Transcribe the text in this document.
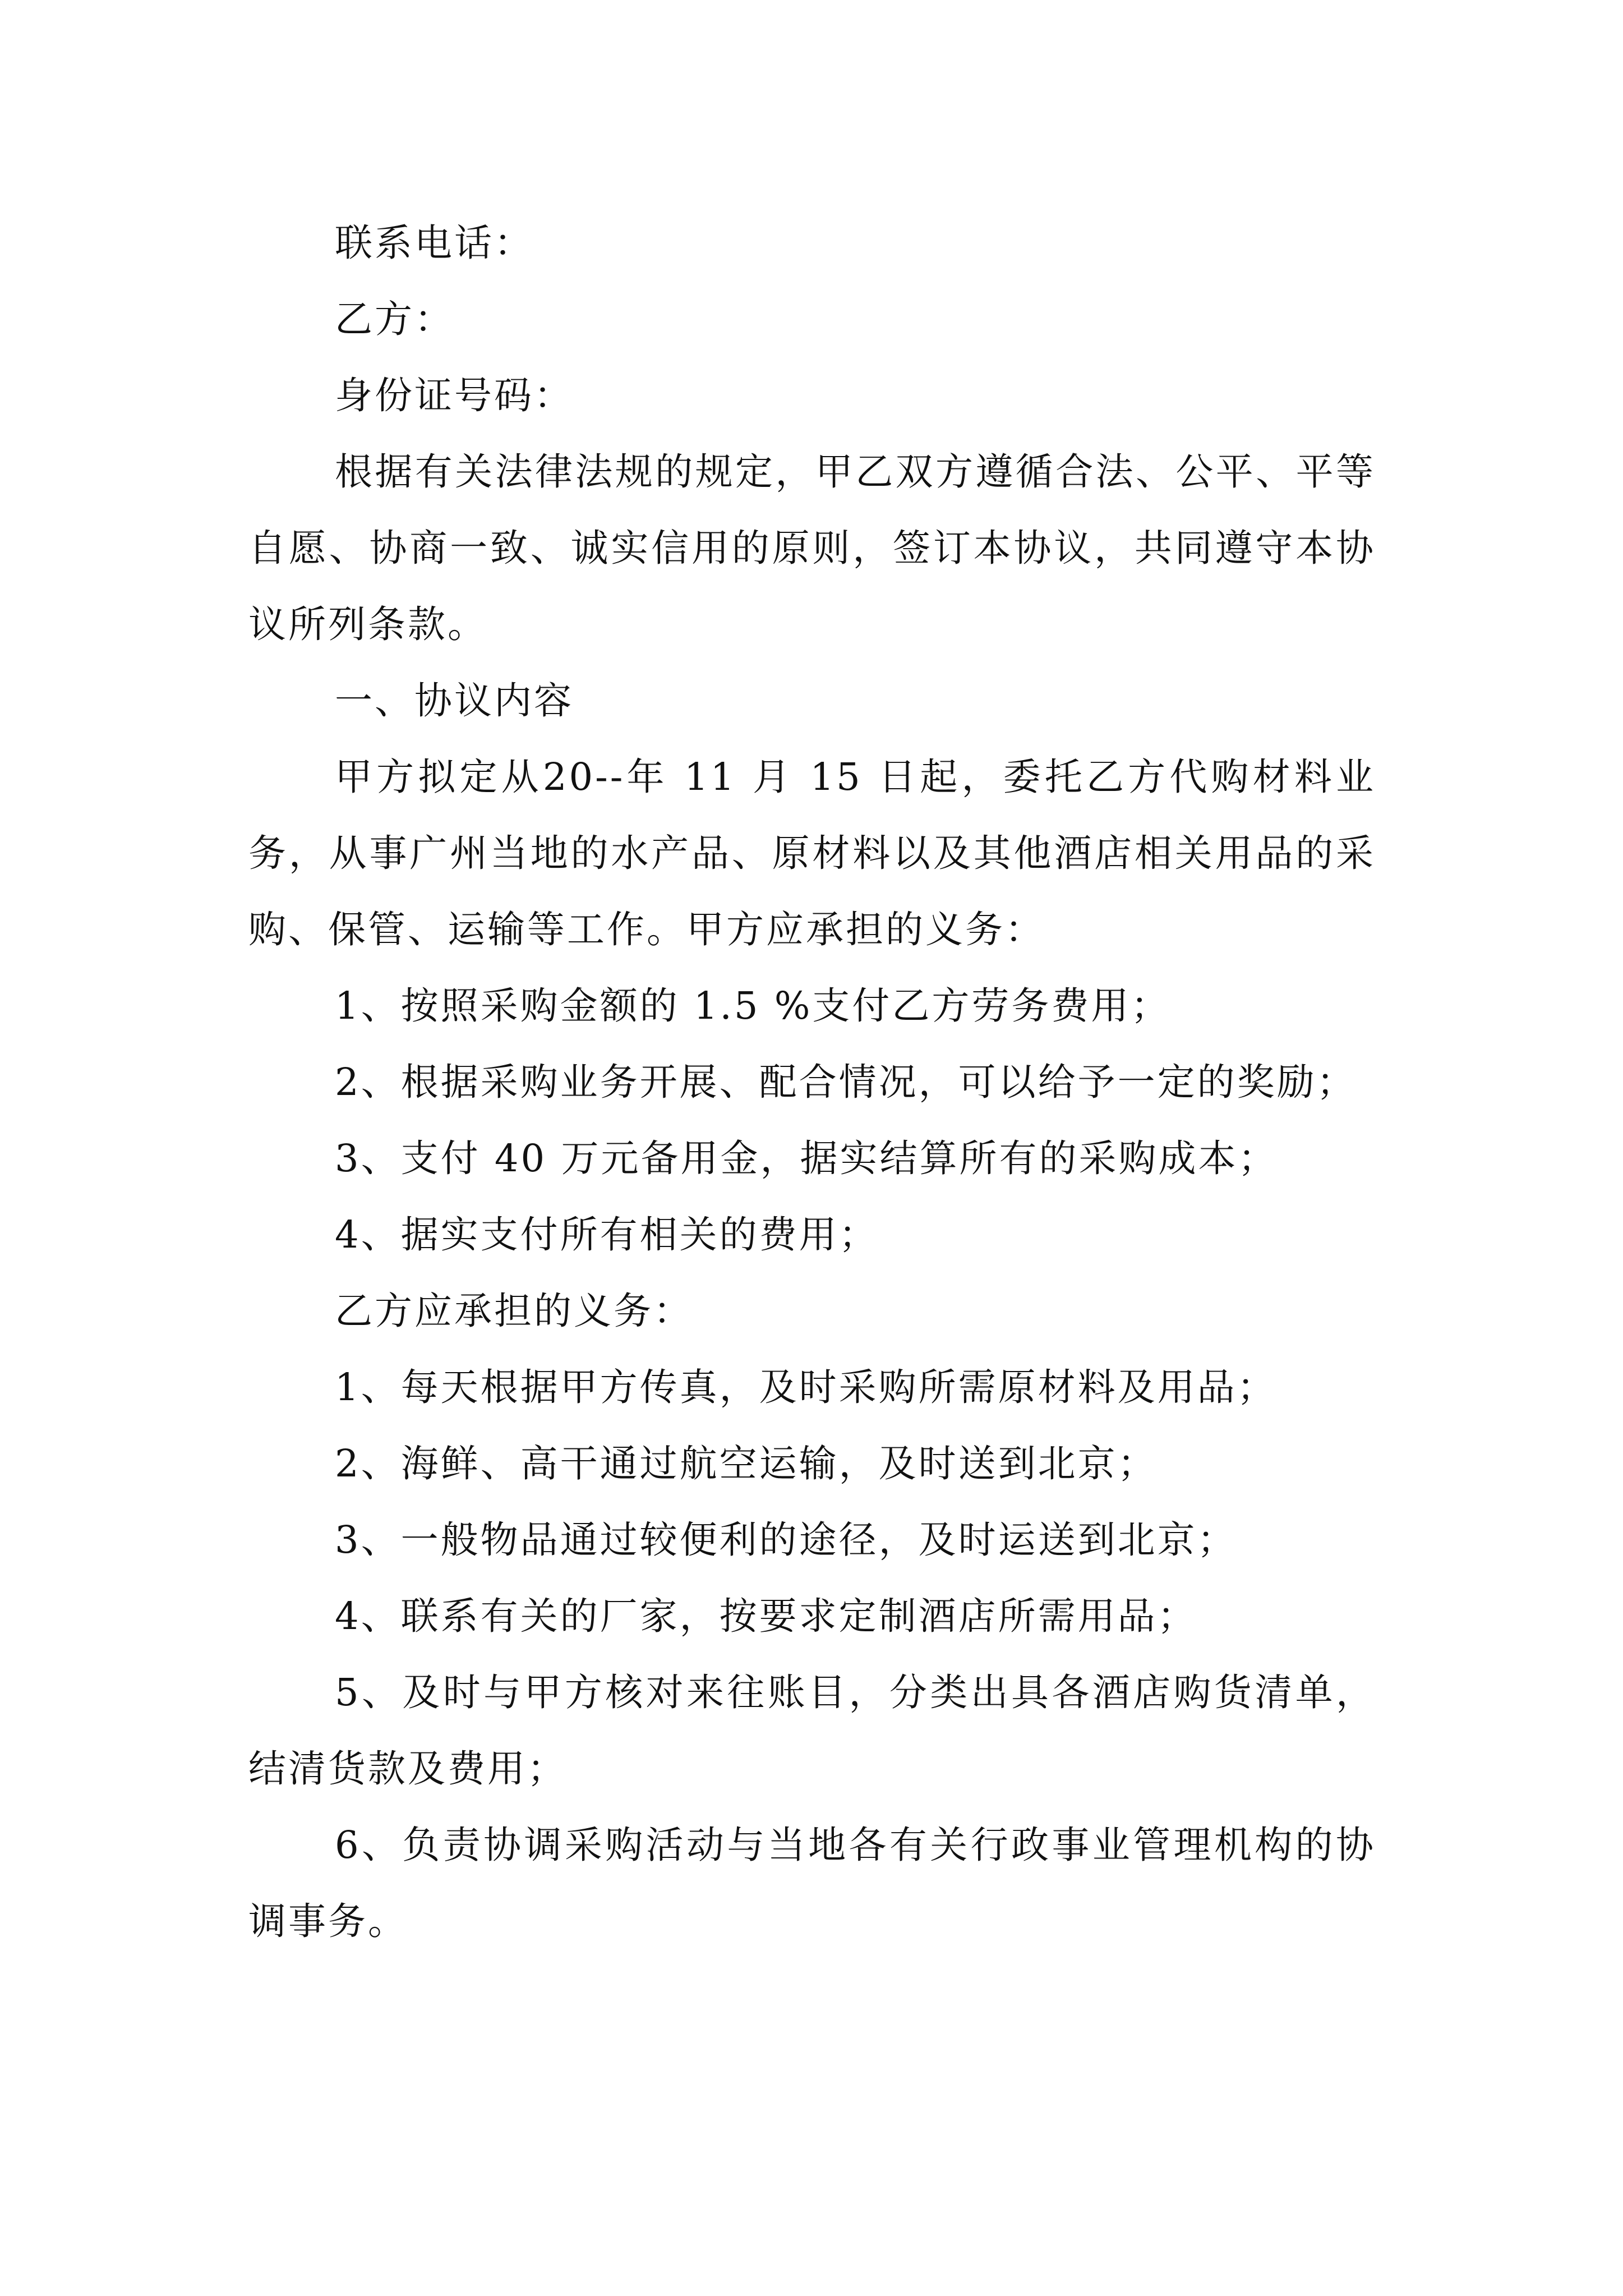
联系电话：

乙方：

身份证号码：

根据有关法律法规的规定，甲乙双方遵循合法、公平、平等自愿、协商一致、诚实信用的原则，签订本协议，共同遵守本协议所列条款。

一、协议内容

甲方拟定从20--年 11 月 15 日起，委托乙方代购材料业务，从事广州当地的水产品、原材料以及其他酒店相关用品的采购、保管、运输等工作。甲方应承担的义务：

1、按照采购金额的 1.5 %支付乙方劳务费用；

2、根据采购业务开展、配合情况，可以给予一定的奖励；

3、支付 40 万元备用金，据实结算所有的采购成本；

4、据实支付所有相关的费用；

乙方应承担的义务：

1、每天根据甲方传真，及时采购所需原材料及用品；

2、海鲜、高干通过航空运输，及时送到北京；

3、一般物品通过较便利的途径，及时运送到北京；

4、联系有关的厂家，按要求定制酒店所需用品；

5、及时与甲方核对来往账目，分类出具各酒店购货清单，结清货款及费用；

6、负责协调采购活动与当地各有关行政事业管理机构的协调事务。
